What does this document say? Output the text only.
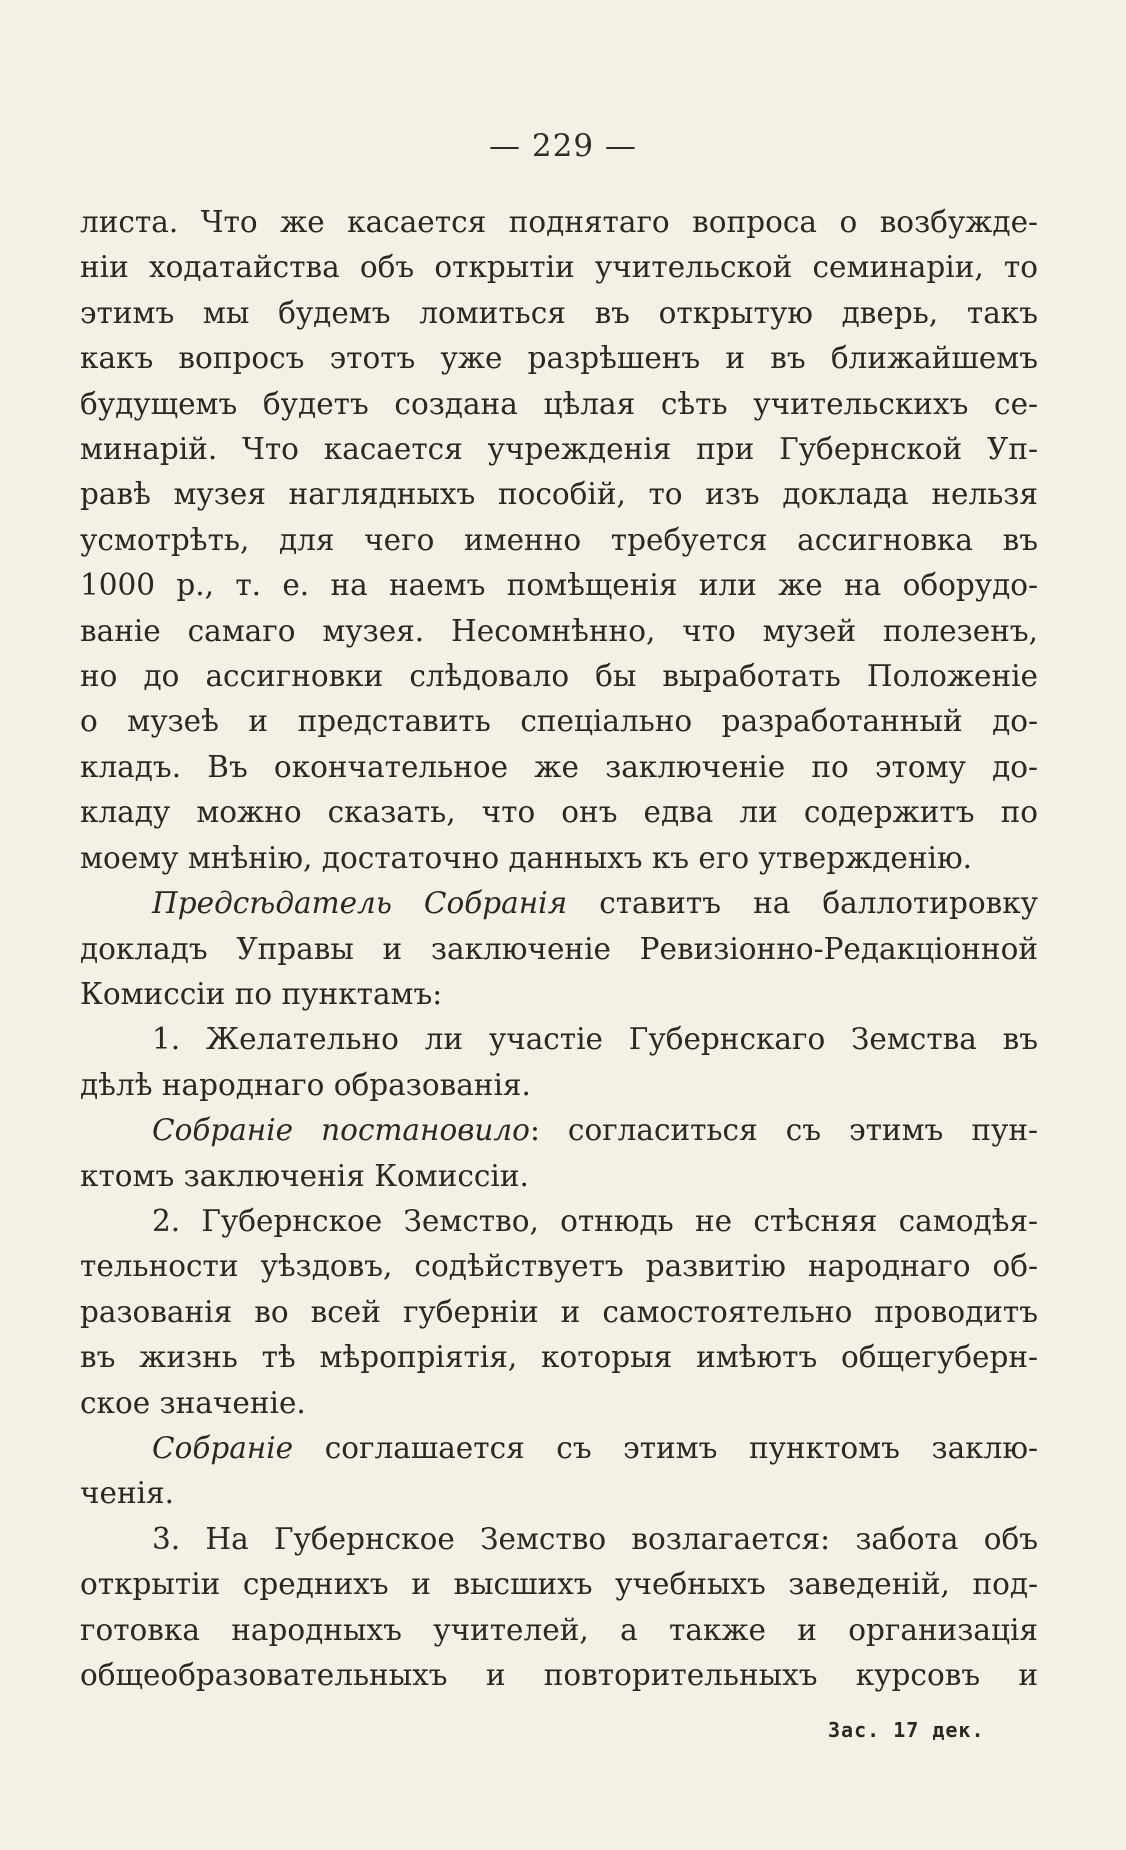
— 229 —
листа. Что же касается поднятаго вопроса о возбужде-
ніи ходатайства объ открытіи учительской семинаріи, то
этимъ мы будемъ ломиться въ открытую дверь, такъ
какъ вопросъ этотъ уже разрѣшенъ и въ ближайшемъ
будущемъ будетъ создана цѣлая сѣть учительскихъ се-
минарій. Что касается учрежденія при Губернской Уп-
равѣ музея наглядныхъ пособій, то изъ доклада нельзя
усмотрѣть, для чего именно требуется ассигновка въ
1000 р., т. е. на наемъ помѣщенія или же на оборудо-
ваніе самаго музея. Несомнѣнно, что музей полезенъ,
но до ассигновки слѣдовало бы выработать Положеніе
о музеѣ и представить спеціально разработанный до-
кладъ. Въ окончательное же заключеніе по этому до-
кладу можно сказать, что онъ едва ли содержитъ по
моему мнѣнію, достаточно данныхъ къ его утвержденію.
Предсѣдатель Собранія ставитъ на баллотировку
докладъ Управы и заключеніе Ревизіонно-Редакціонной
Комиссіи по пунктамъ:
1. Желательно ли участіе Губернскаго Земства въ
дѣлѣ народнаго образованія.
Собраніе постановило: согласиться съ этимъ пун-
ктомъ заключенія Комиссіи.
2. Губернское Земство, отнюдь не стѣсняя самодѣя-
тельности уѣздовъ, содѣйствуетъ развитію народнаго об-
разованія во всей губерніи и самостоятельно проводитъ
въ жизнь тѣ мѣропріятія, которыя имѣютъ общегуберн-
ское значеніе.
Собраніе соглашается съ этимъ пунктомъ заклю-
ченія.
3. На Губернское Земство возлагается: забота объ
открытіи среднихъ и высшихъ учебныхъ заведеній, под-
готовка народныхъ учителей, а также и организація
общеобразовательныхъ и повторительныхъ курсовъ и
Зас. 17 дек.
